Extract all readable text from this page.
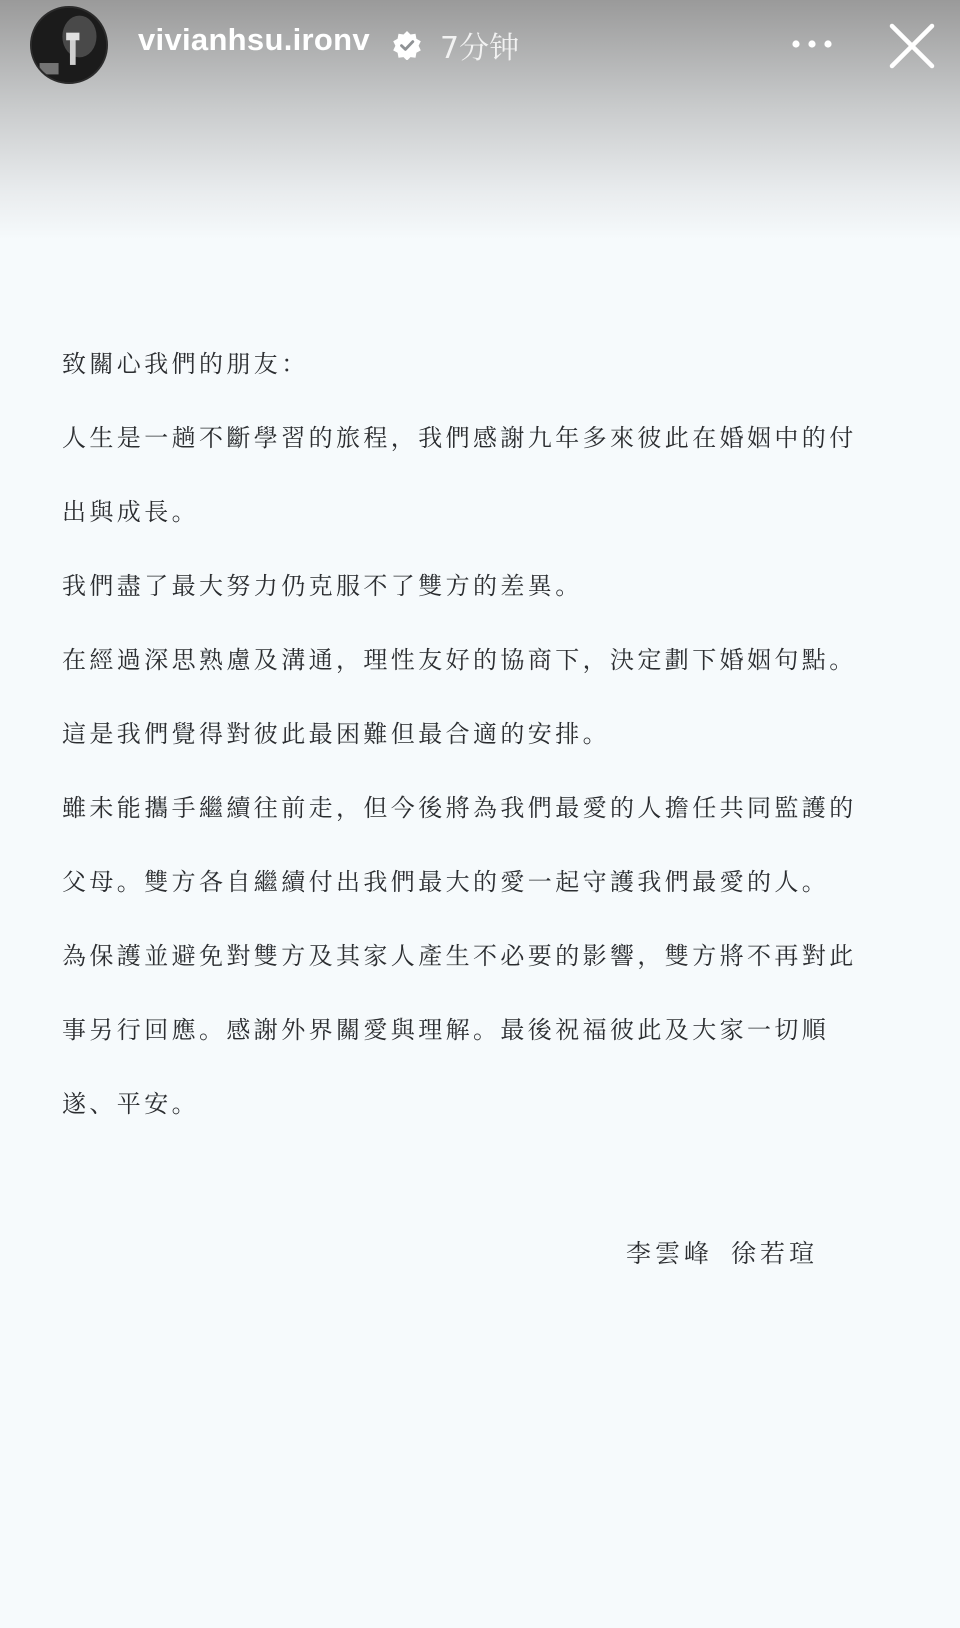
vivianhsu.ironv 7分钟
致關心我們的朋友：
人生是一趟不斷學習的旅程，我們感謝九年多來彼此在婚姻中的付
出與成長。
我們盡了最大努力仍克服不了雙方的差異。
在經過深思熟慮及溝通，理性友好的協商下，決定劃下婚姻句點。
這是我們覺得對彼此最困難但最合適的安排。
雖未能攜手繼續往前走，但今後將為我們最愛的人擔任共同監護的
父母。雙方各自繼續付出我們最大的愛一起守護我們最愛的人。
為保護並避免對雙方及其家人產生不必要的影響，雙方將不再對此
事另行回應。感謝外界關愛與理解。最後祝福彼此及大家一切順
遂、平安。
李雲峰 徐若瑄
